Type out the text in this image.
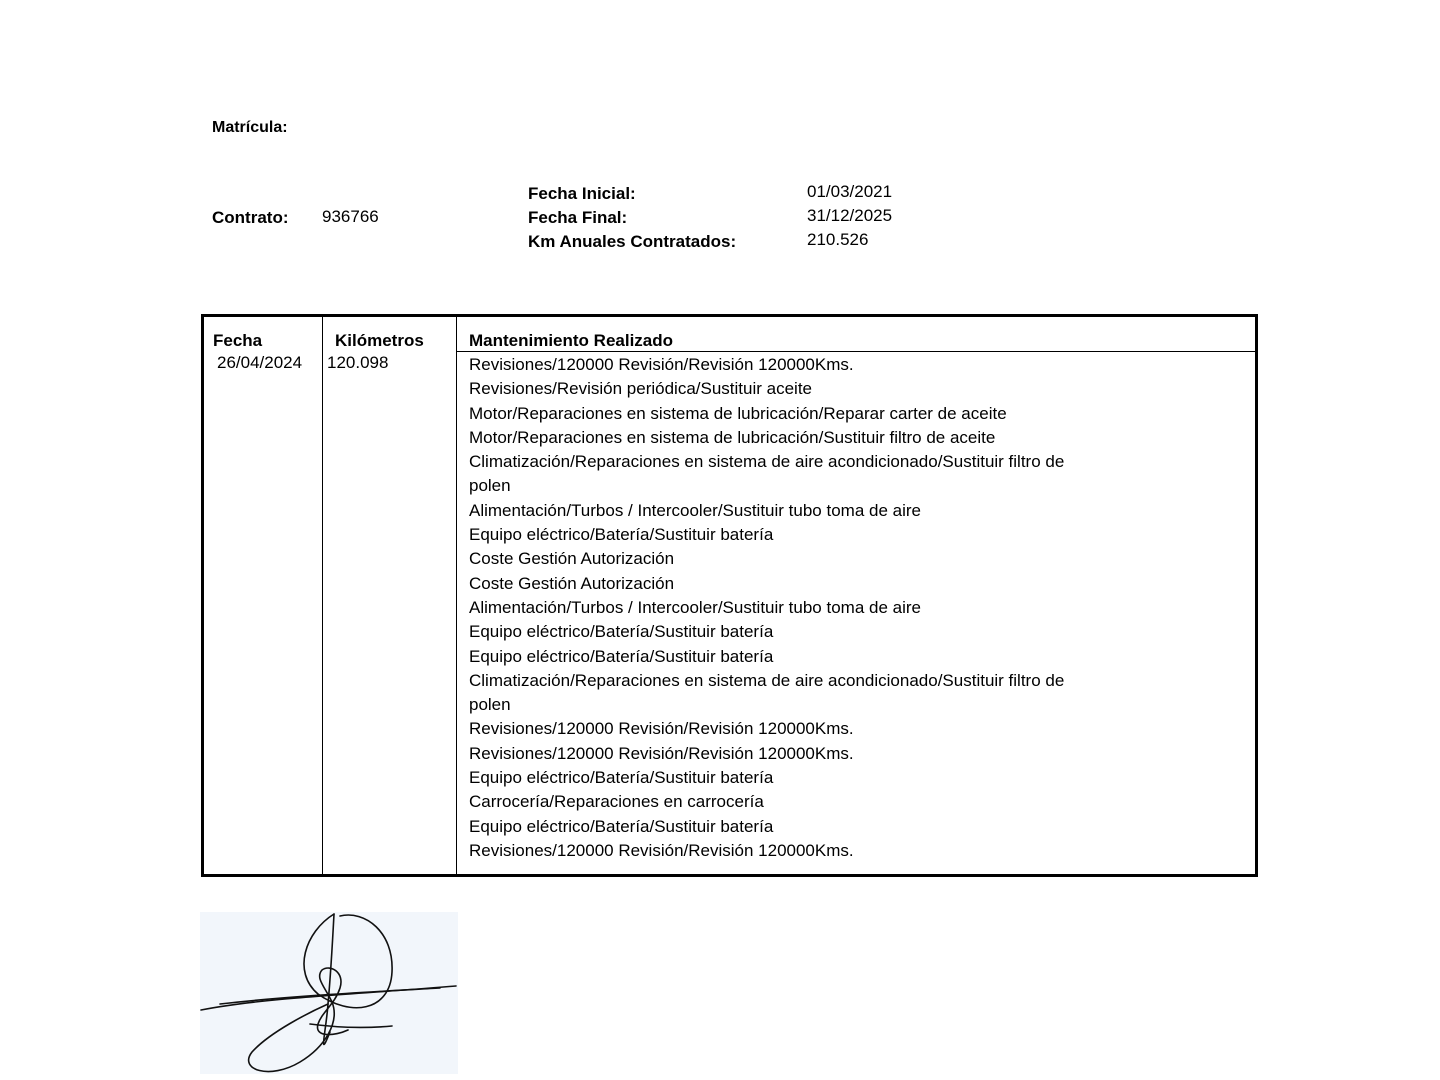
Matrícula:
Contrato: 936766
Fecha Inicial:	01/03/2021
Fecha Final:	31/12/2025
Km Anuales Contratados:	210.526
Fecha	Kilómetros	Mantenimiento Realizado
26/04/2024 120.098	Revisiones/120000 Revisión/Revisión 120000Kms.
Revisiones/Revisión periódica/Sustituir aceite
Motor/Reparaciones en sistema de lubricación/Reparar carter de aceite
Motor/Reparaciones en sistema de lubricación/Sustituir filtro de aceite
Climatización/Reparaciones en sistema de aire acondicionado/Sustituir filtro de
polen
Alimentación/Turbos / Intercooler/Sustituir tubo toma de aire
Equipo eléctrico/Batería/Sustituir batería
Coste Gestión Autorización
Coste Gestión Autorización
Alimentación/Turbos / Intercooler/Sustituir tubo toma de aire
Equipo eléctrico/Batería/Sustituir batería
Equipo eléctrico/Batería/Sustituir batería
Climatización/Reparaciones en sistema de aire acondicionado/Sustituir filtro de
polen
Revisiones/120000 Revisión/Revisión 120000Kms.
Revisiones/120000 Revisión/Revisión 120000Kms.
Equipo eléctrico/Batería/Sustituir batería
Carrocería/Reparaciones en carrocería
Equipo eléctrico/Batería/Sustituir batería
Revisiones/120000 Revisión/Revisión 120000Kms.
